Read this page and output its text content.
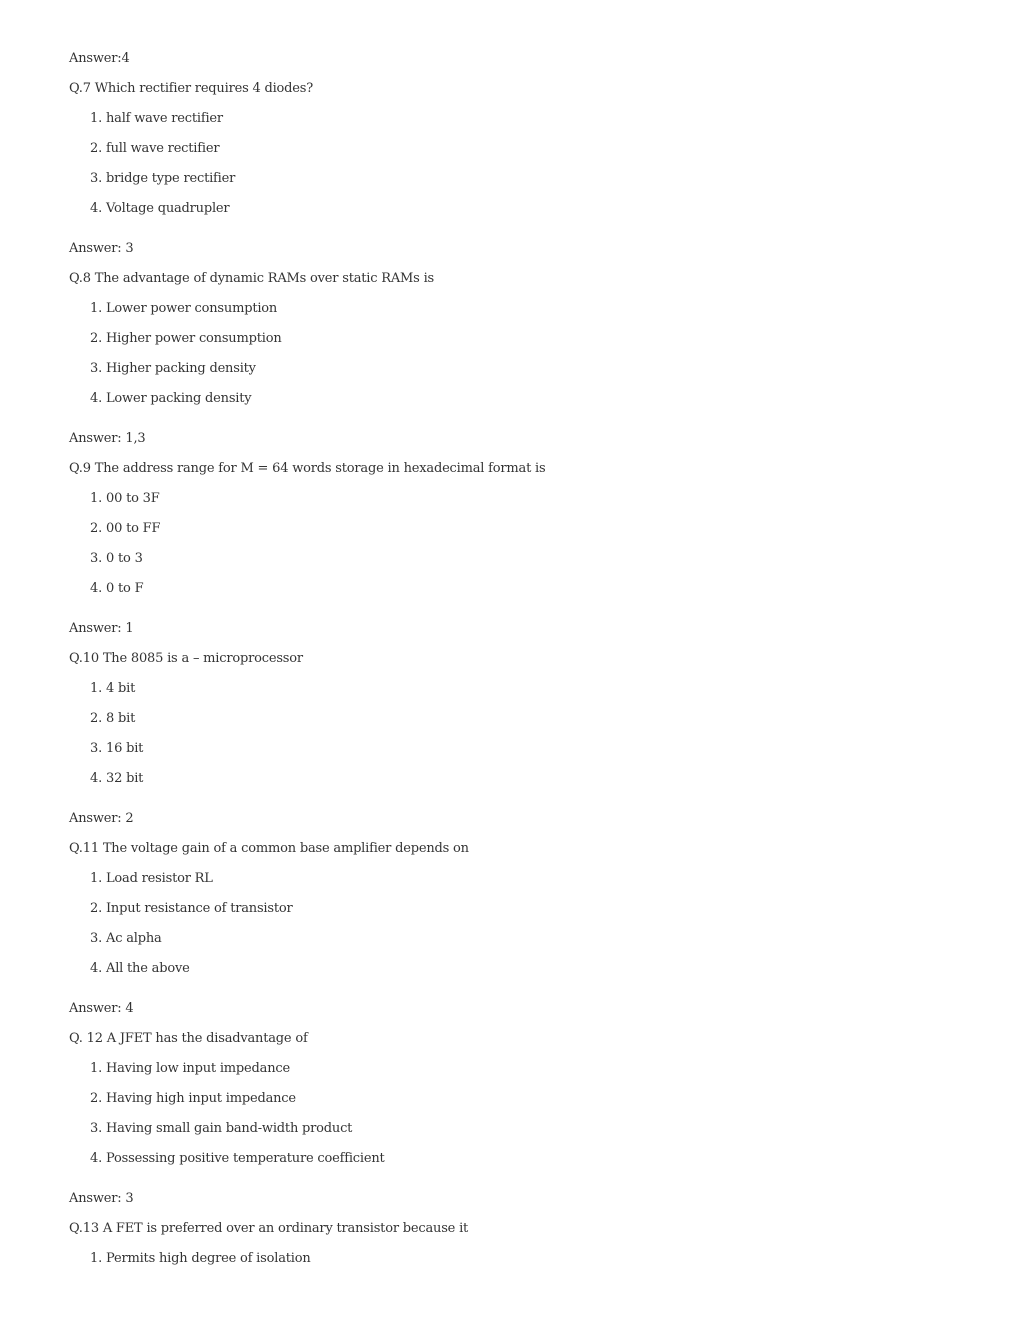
Answer:4
Q.7 Which rectifier requires 4 diodes?
1 . half wave rectifier
2 . full wave rectifier
3 . bridge type rectifier
4 . Voltage quadrupler
Answer: 3
Q.8 The advantage of dynamic RAMs over static RAMs is
1 . Lower power consumption
2 . Higher power consumption
3 . Higher packing density
4 . Lower packing density
Answer: 1,3
Q.9 The address range for M = 64 words storage in hexadecimal format is
1 . 00 to 3F
2 . 00 to FF
3 . 0 to 3
4 . 0 to F
Answer: 1
Q.10 The 8085 is a – microprocessor
1 . 4 bit
2 . 8 bit
3 . 16 bit
4 . 32 bit
Answer: 2
Q.11 The voltage gain of a common base amplifier depends on
1 . Load resistor RL
2 . Input resistance of transistor
3 . Ac alpha
4 . All the above
Answer: 4
Q. 12 A JFET has the disadvantage of
1 . Having low input impedance
2 . Having high input impedance
3 . Having small gain band-width product
4 . Possessing positive temperature coefficient
Answer: 3
Q.13 A FET is preferred over an ordinary transistor because it
1 . Permits high degree of isolation
